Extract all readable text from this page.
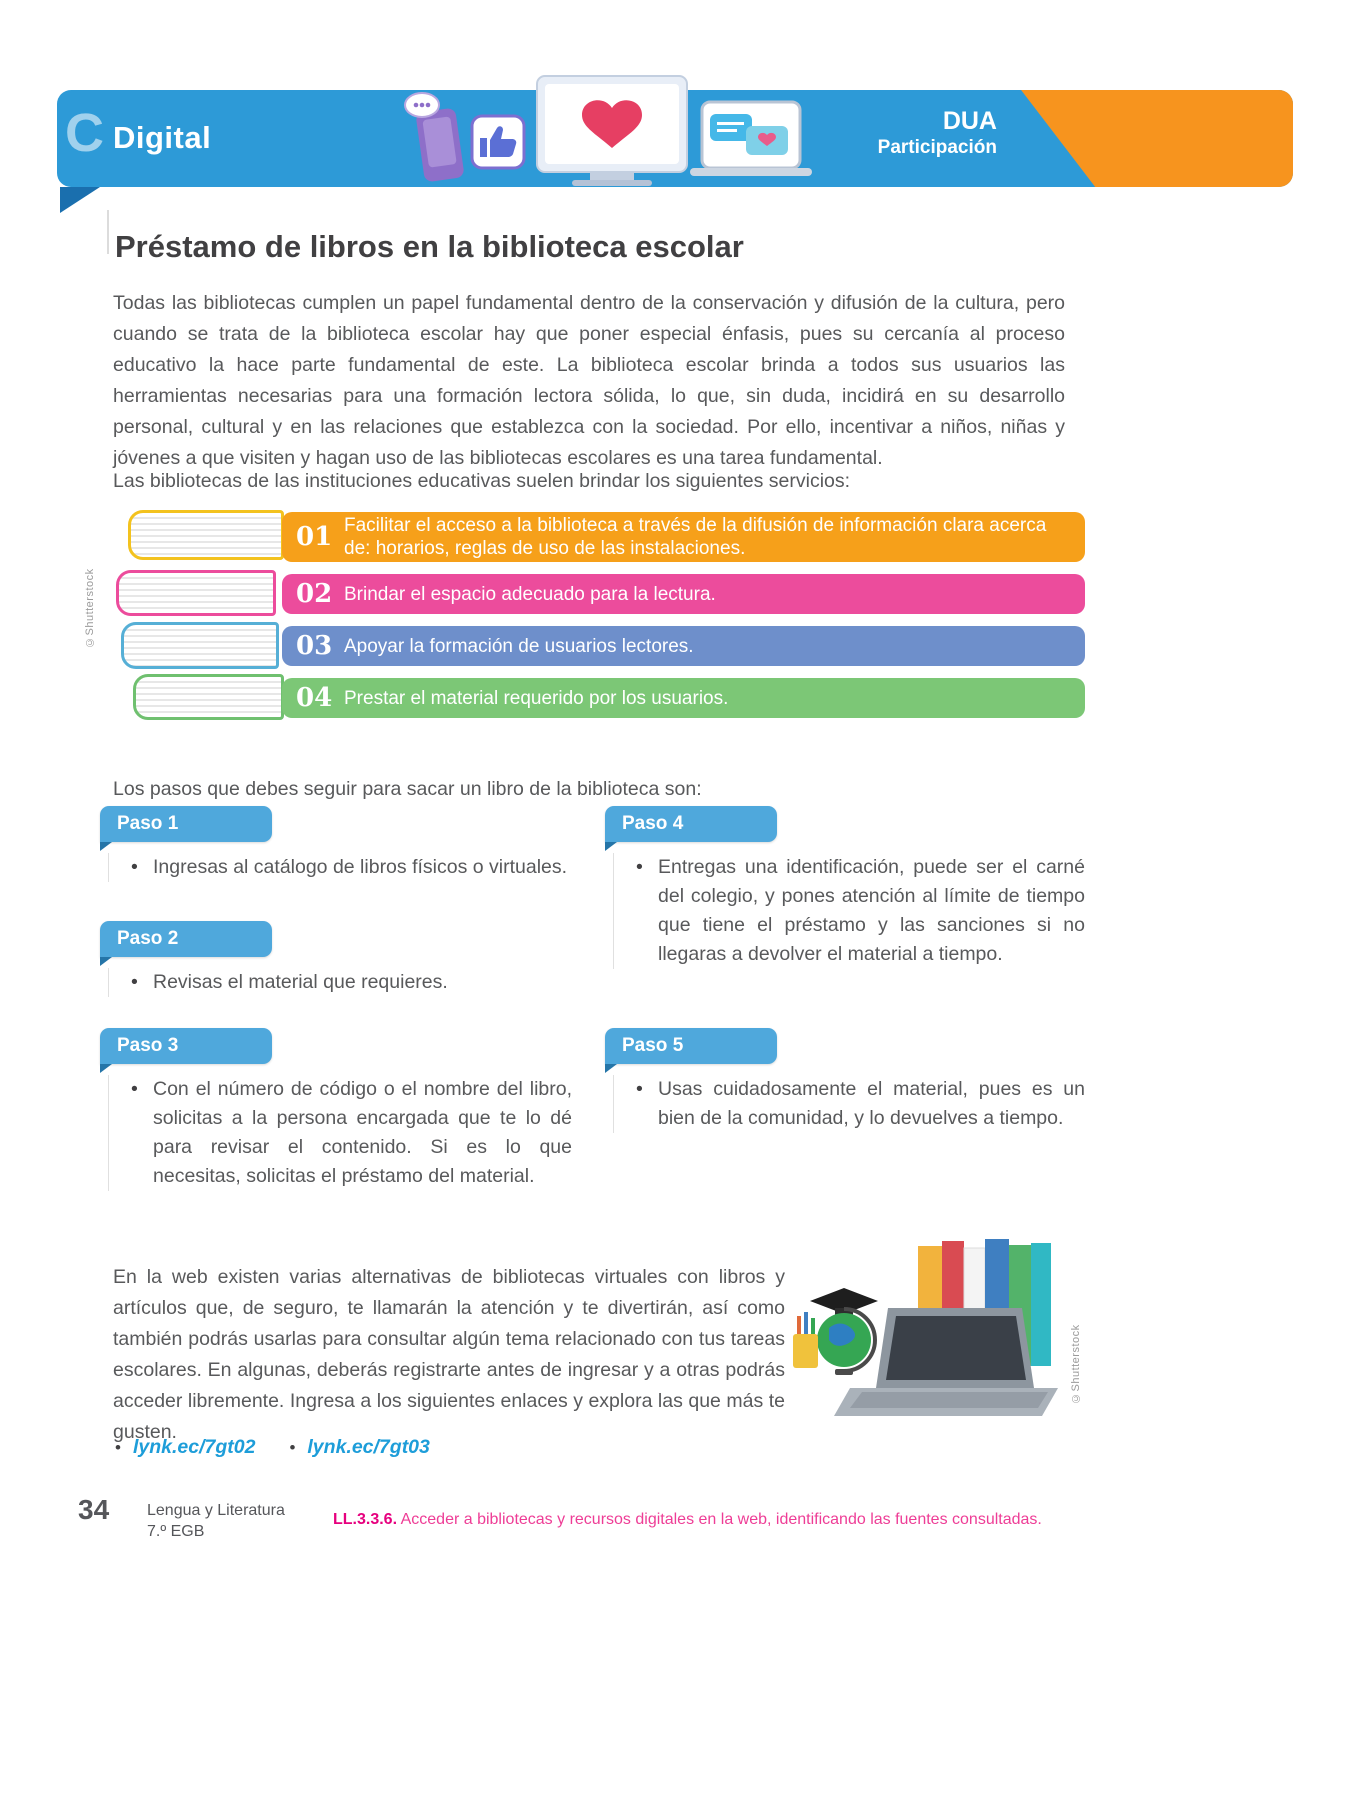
C Digital	DUA
Participación
Préstamo de libros en la biblioteca escolar

Todas las bibliotecas cumplen un papel fundamental dentro de la conservación y difusión de la cultura, pero cuando se trata de la biblioteca escolar hay que poner especial énfasis, pues su cercanía al proceso educativo la hace parte fundamental de este. La biblioteca escolar brinda a todos sus usuarios las herramientas necesarias para una formación lectora sólida, lo que, sin duda, incidirá en su desarrollo personal, cultural y en las relaciones que establezca con la sociedad. Por ello, incentivar a niños, niñas y jóvenes a que visiten y hagan uso de las bibliotecas escolares es una tarea fundamental.

Las bibliotecas de las instituciones educativas suelen brindar los siguientes servicios:

©Shutterstock
01 Facilitar el acceso a la biblioteca a través de la difusión de información clara acerca de: horarios, reglas de uso de las instalaciones.
02 Brindar el espacio adecuado para la lectura.
03 Apoyar la formación de usuarios lectores.
04 Prestar el material requerido por los usuarios.

Los pasos que debes seguir para sacar un libro de la biblioteca son:

Paso 1
• Ingresas al catálogo de libros físicos o virtuales.
Paso 2
• Revisas el material que requieres.
Paso 3
• Con el número de código o el nombre del libro, solicitas a la persona encargada que te lo dé para revisar el contenido. Si es lo que necesitas, solicitas el préstamo del material.
Paso 4
• Entregas una identificación, puede ser el carné del colegio, y pones atención al límite de tiempo que tiene el préstamo y las sanciones si no llegaras a devolver el material a tiempo.
Paso 5
• Usas cuidadosamente el material, pues es un bien de la comunidad, y lo devuelves a tiempo.

En la web existen varias alternativas de bibliotecas virtuales con libros y artículos que, de seguro, te llamarán la atención y te divertirán, así como también podrás usarlas para consultar algún tema relacionado con tus tareas escolares. En algunas, deberás registrarte antes de ingresar y a otras podrás acceder libremente. Ingresa a los siguientes enlaces y explora las que más te gusten.

• lynk.ec/7gt02 • lynk.ec/7gt03
©Shutterstock
34 Lengua y Literatura
7.º EGB
LL.3.3.6. Acceder a bibliotecas y recursos digitales en la web, identificando las fuentes consultadas.
